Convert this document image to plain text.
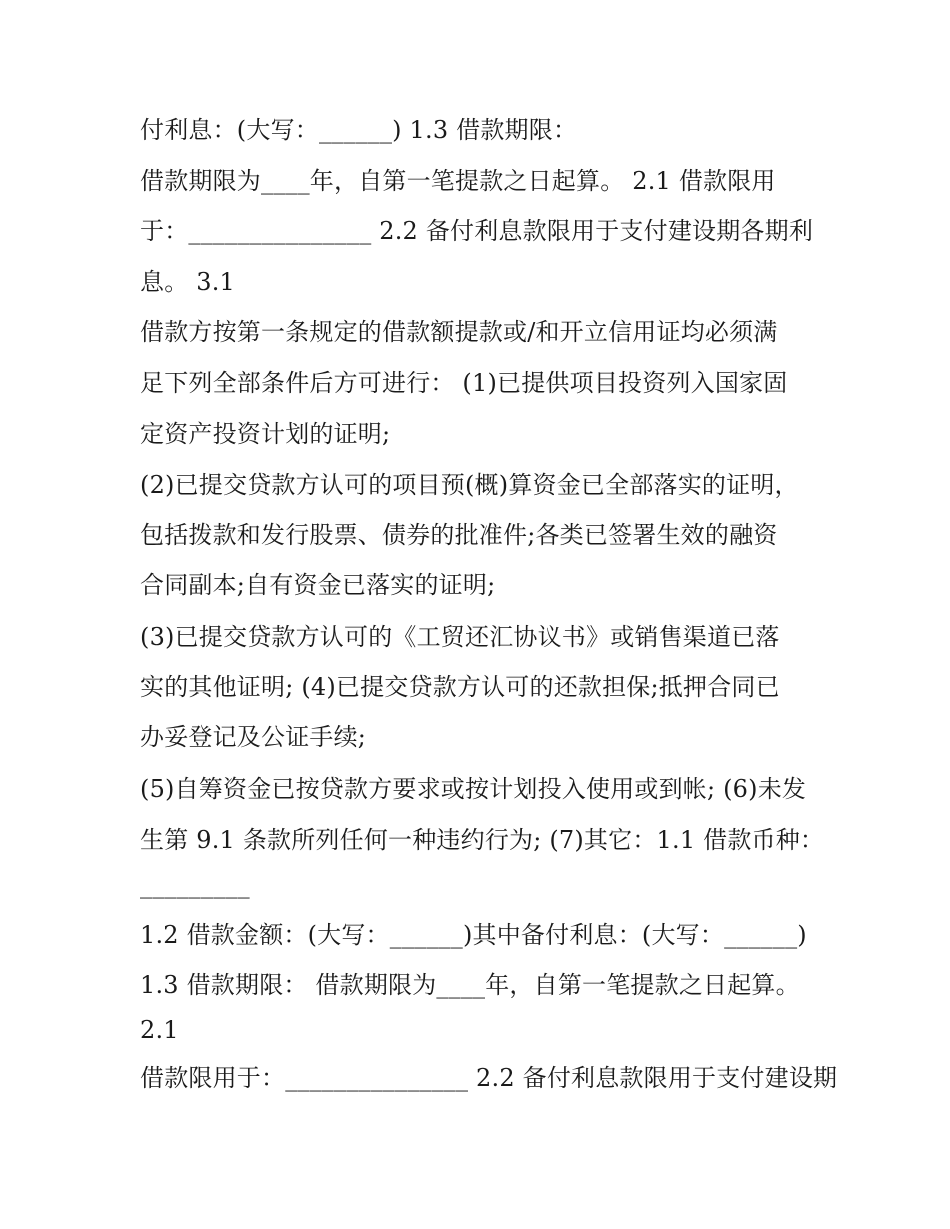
付利息：(大写：______) 1.3 借款期限：
借款期限为____年，自第一笔提款之日起算。 2.1 借款限用
于：_______________ 2.2 备付利息款限用于支付建设期各期利
息。 3.1
借款方按第一条规定的借款额提款或/和开立信用证均必须满
足下列全部条件后方可进行： (1)已提供项目投资列入国家固
定资产投资计划的证明;
(2)已提交贷款方认可的项目预(概)算资金已全部落实的证明，
包括拨款和发行股票、债券的批准件;各类已签署生效的融资
合同副本;自有资金已落实的证明;
(3)已提交贷款方认可的《工贸还汇协议书》或销售渠道已落
实的其他证明; (4)已提交贷款方认可的还款担保;抵押合同已
办妥登记及公证手续;
(5)自筹资金已按贷款方要求或按计划投入使用或到帐; (6)未发
生第 9.1 条款所列任何一种违约行为; (7)其它：1.1 借款币种：
_________
1.2 借款金额：(大写：______)其中备付利息：(大写：______)
1.3 借款期限： 借款期限为____年，自第一笔提款之日起算。
2.1
借款限用于：_______________ 2.2 备付利息款限用于支付建设期
